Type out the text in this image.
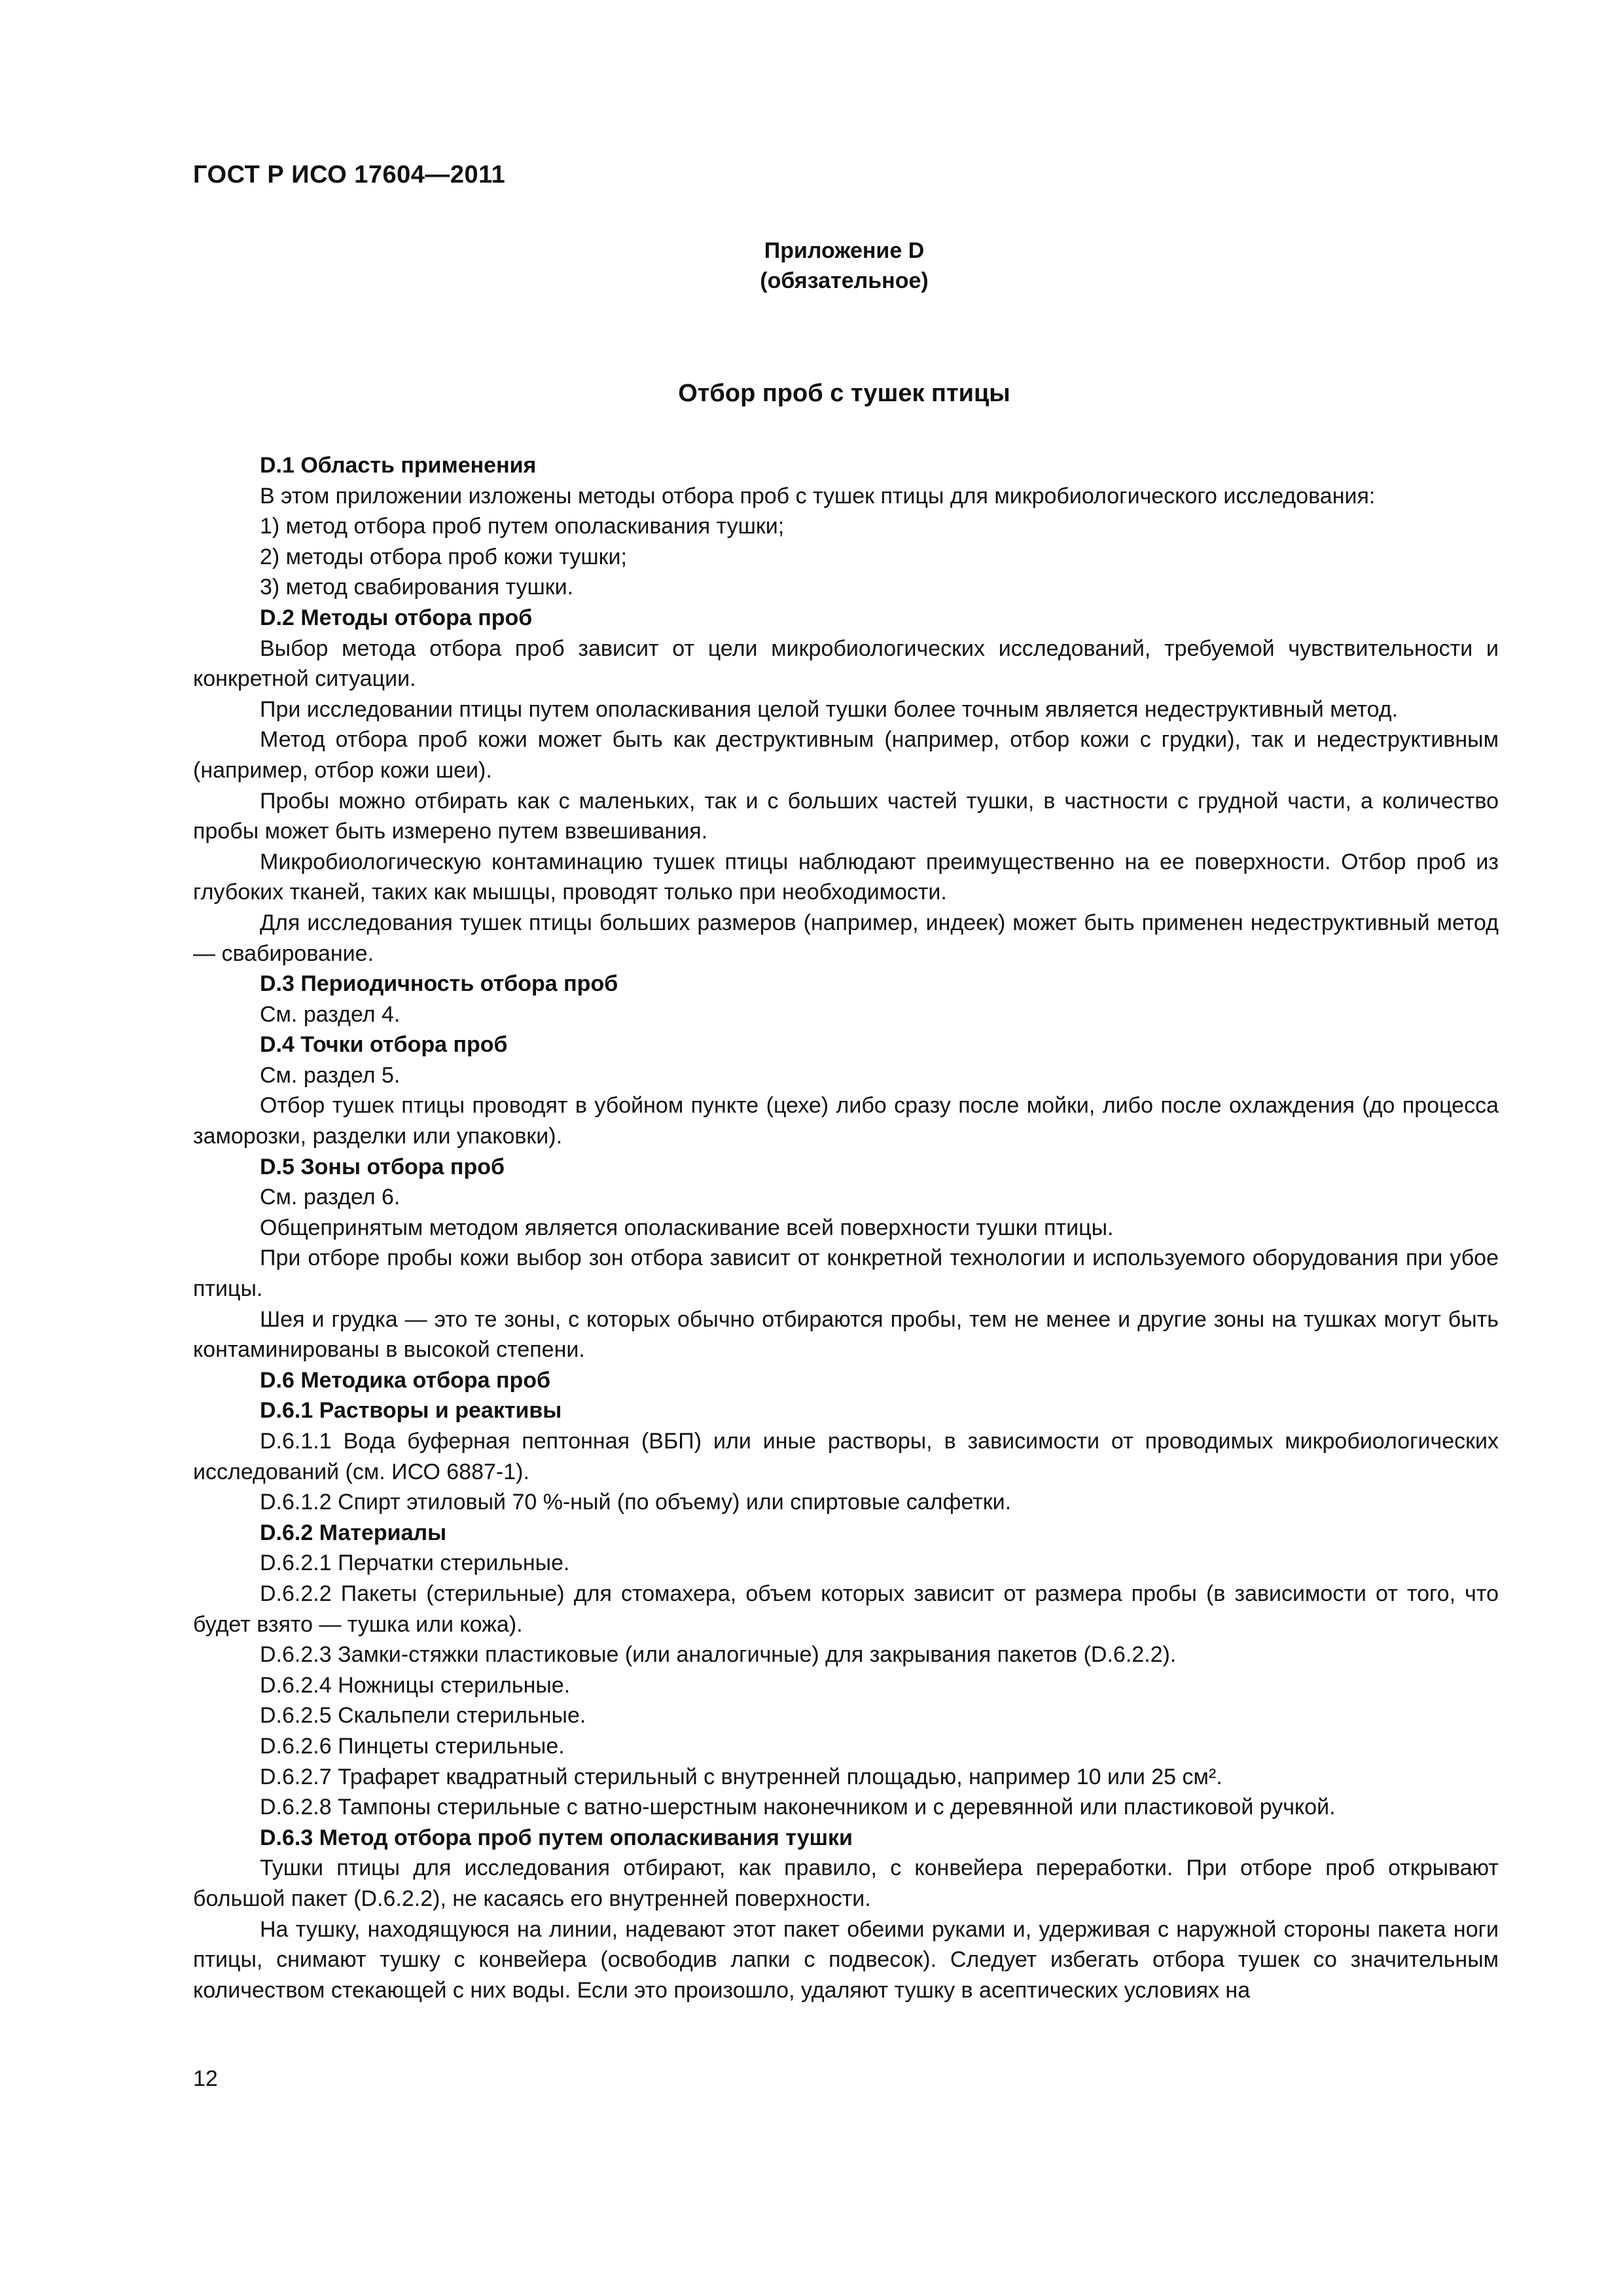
ГОСТ Р ИСО 17604—2011
Приложение D
(обязательное)
Отбор проб с тушек птицы

D.1 Область применения

В этом приложении изложены методы отбора проб с тушек птицы для микробиологического исследования:

1) метод отбора проб путем ополаскивания тушки;

2) методы отбора проб кожи тушки;

3) метод свабирования тушки.

D.2 Методы отбора проб

Выбор метода отбора проб зависит от цели микробиологических исследований, требуемой чувствительности и конкретной ситуации.

При исследовании птицы путем ополаскивания целой тушки более точным является недеструктивный метод.

Метод отбора проб кожи может быть как деструктивным (например, отбор кожи с грудки), так и недеструктивным (например, отбор кожи шеи).

Пробы можно отбирать как с маленьких, так и с больших частей тушки, в частности с грудной части, а количество пробы может быть измерено путем взвешивания.

Микробиологическую контаминацию тушек птицы наблюдают преимущественно на ее поверхности. Отбор проб из глубоких тканей, таких как мышцы, проводят только при необходимости.

Для исследования тушек птицы больших размеров (например, индеек) может быть применен недеструктивный метод — свабирование.

D.3 Периодичность отбора проб

См. раздел 4.

D.4 Точки отбора проб

См. раздел 5.

Отбор тушек птицы проводят в убойном пункте (цехе) либо сразу после мойки, либо после охлаждения (до процесса заморозки, разделки или упаковки).

D.5 Зоны отбора проб

См. раздел 6.

Общепринятым методом является ополаскивание всей поверхности тушки птицы.

При отборе пробы кожи выбор зон отбора зависит от конкретной технологии и используемого оборудования при убое птицы.

Шея и грудка — это те зоны, с которых обычно отбираются пробы, тем не менее и другие зоны на тушках могут быть контаминированы в высокой степени.

D.6 Методика отбора проб

D.6.1 Растворы и реактивы

D.6.1.1 Вода буферная пептонная (ВБП) или иные растворы, в зависимости от проводимых микробиологических исследований (см. ИСО 6887-1).

D.6.1.2 Спирт этиловый 70 %-ный (по объему) или спиртовые салфетки.

D.6.2 Материалы

D.6.2.1 Перчатки стерильные.

D.6.2.2 Пакеты (стерильные) для стомахера, объем которых зависит от размера пробы (в зависимости от того, что будет взято — тушка или кожа).

D.6.2.3 Замки-стяжки пластиковые (или аналогичные) для закрывания пакетов (D.6.2.2).

D.6.2.4 Ножницы стерильные.

D.6.2.5 Скальпели стерильные.

D.6.2.6 Пинцеты стерильные.

D.6.2.7 Трафарет квадратный стерильный с внутренней площадью, например 10 или 25 см².

D.6.2.8 Тампоны стерильные с ватно-шерстным наконечником и с деревянной или пластиковой ручкой.

D.6.3 Метод отбора проб путем ополаскивания тушки

Тушки птицы для исследования отбирают, как правило, с конвейера переработки. При отборе проб открывают большой пакет (D.6.2.2), не касаясь его внутренней поверхности.

На тушку, находящуюся на линии, надевают этот пакет обеими руками и, удерживая с наружной стороны пакета ноги птицы, снимают тушку с конвейера (освободив лапки с подвесок). Следует избегать отбора тушек со значительным количеством стекающей с них воды. Если это произошло, удаляют тушку в асептических условиях на

12
